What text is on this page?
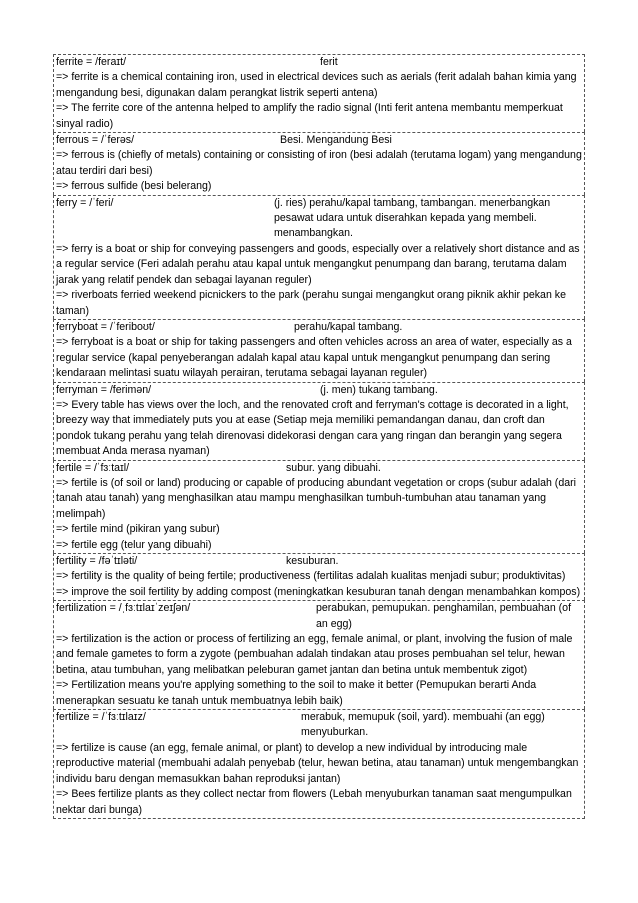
ferrite = /feraɪt/	ferit
=> ferrite is a chemical containing iron, used in electrical devices such as aerials (ferit adalah bahan kimia yang mengandung besi, digunakan dalam perangkat listrik seperti antena)
=> The ferrite core of the antenna helped to amplify the radio signal (Inti ferit antena membantu memperkuat sinyal radio)
ferrous = /ˈferəs/	Besi. Mengandung Besi
=> ferrous is (chiefly of metals) containing or consisting of iron (besi adalah (terutama logam) yang mengandung atau terdiri dari besi)
=> ferrous sulfide (besi belerang)
ferry = /ˈferi/	(j. ries) perahu/kapal tambang, tambangan. menerbangkan pesawat udara untuk diserahkan kepada yang membeli. menambangkan.
=> ferry is a boat or ship for conveying passengers and goods, especially over a relatively short distance and as a regular service (Feri adalah perahu atau kapal untuk mengangkut penumpang dan barang, terutama dalam jarak yang relatif pendek dan sebagai layanan reguler)
=> riverboats ferried weekend picnickers to the park (perahu sungai mengangkut orang piknik akhir pekan ke taman)
ferryboat = /ˈferiboʊt/	perahu/kapal tambang.
=> ferryboat is a boat or ship for taking passengers and often vehicles across an area of water, especially as a regular service (kapal penyeberangan adalah kapal atau kapal untuk mengangkut penumpang dan sering kendaraan melintasi suatu wilayah perairan, terutama sebagai layanan reguler)
ferryman = /ferimən/	(j. men) tukang tambang.
=> Every table has views over the loch, and the renovated croft and ferryman's cottage is decorated in a light, breezy way that immediately puts you at ease (Setiap meja memiliki pemandangan danau, dan croft dan pondok tukang perahu yang telah direnovasi didekorasi dengan cara yang ringan dan berangin yang segera membuat Anda merasa nyaman)
fertile = /ˈfɜːtaɪl/	subur. yang dibuahi.
=> fertile is (of soil or land) producing or capable of producing abundant vegetation or crops (subur adalah (dari tanah atau tanah) yang menghasilkan atau mampu menghasilkan tumbuh-tumbuhan atau tanaman yang melimpah)
=> fertile mind (pikiran yang subur)
=> fertile egg (telur yang dibuahi)
fertility = /fəˈtɪləti/	kesuburan.
=> fertility is the quality of being fertile; productiveness (fertilitas adalah kualitas menjadi subur; produktivitas)
=> improve the soil fertility by adding compost (meningkatkan kesuburan tanah dengan menambahkan kompos)
fertilization = /ˌfɜːtɪlaɪˈzeɪʃən/	perabukan, pemupukan. penghamilan, pembuahan (of an egg)
=> fertilization is the action or process of fertilizing an egg, female animal, or plant, involving the fusion of male and female gametes to form a zygote (pembuahan adalah tindakan atau proses pembuahan sel telur, hewan betina, atau tumbuhan, yang melibatkan peleburan gamet jantan dan betina untuk membentuk zigot)
=> Fertilization means you're applying something to the soil to make it better (Pemupukan berarti Anda menerapkan sesuatu ke tanah untuk membuatnya lebih baik)
fertilize = /ˈfɜːtɪlaɪz/	merabuk, memupuk (soil, yard). membuahi (an egg) menyuburkan.
=> fertilize is cause (an egg, female animal, or plant) to develop a new individual by introducing male reproductive material (membuahi adalah penyebab (telur, hewan betina, atau tanaman) untuk mengembangkan individu baru dengan memasukkan bahan reproduksi jantan)
=> Bees fertilize plants as they collect nectar from flowers (Lebah menyuburkan tanaman saat mengumpulkan nektar dari bunga)
